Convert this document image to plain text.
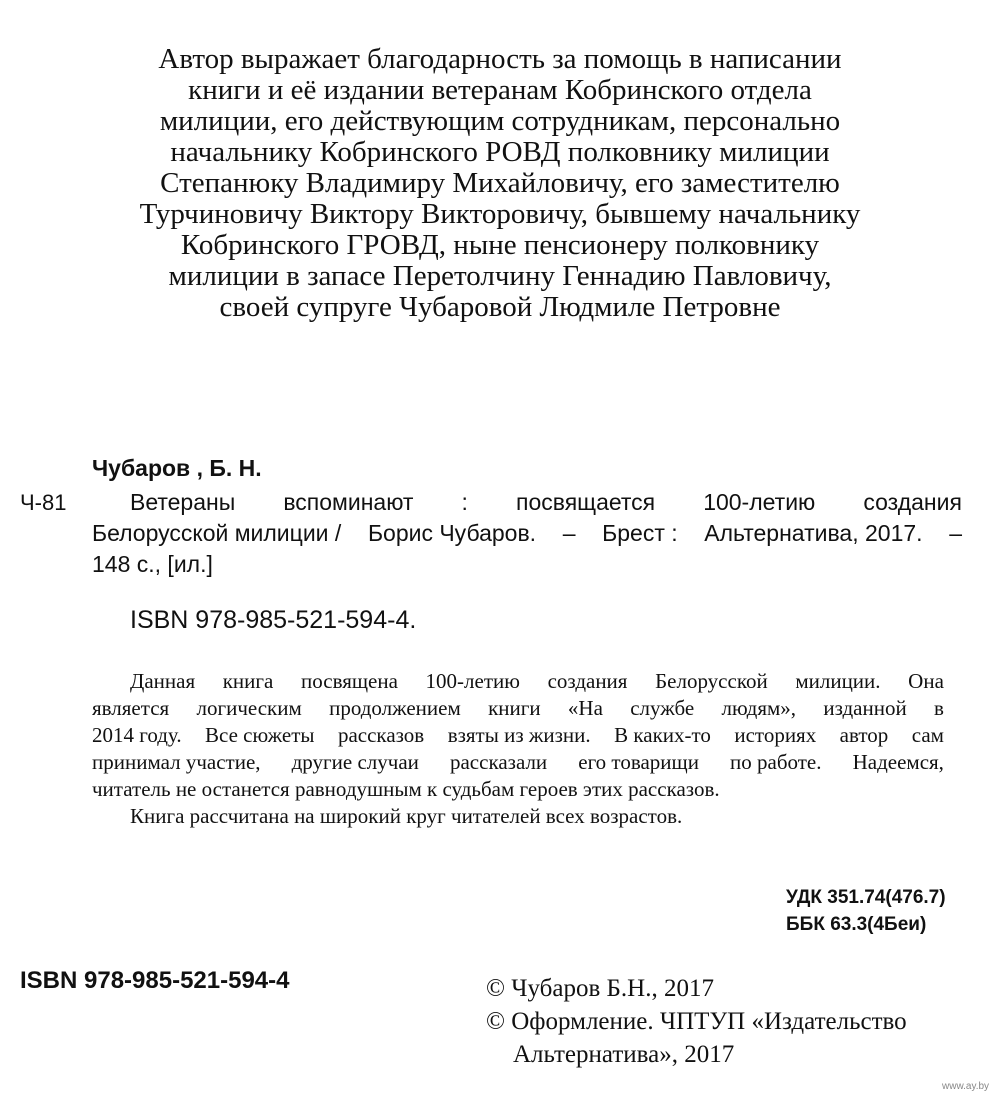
Автор выражает благодарность за помощь в написании
книги и её издании ветеранам Кобринского отдела
милиции, его действующим сотрудникам, персонально
начальнику Кобринского РОВД полковнику милиции
Степанюку Владимиру Михайловичу, его заместителю
Турчиновичу Виктору Викторовичу, бывшему начальнику
Кобринского ГРОВД, ныне пенсионеру полковнику
милиции в запасе Перетолчину Геннадию Павловичу,
своей супруге Чубаровой Людмиле Петровне
Чубаров , Б. Н.
Ч-81	Ветераны вспоминают : посвящается 100-летию создания
Белорусской милиции / Борис Чубаров. – Брест : Альтернатива, 2017. –
148 с., [ил.]
ISBN 978-985-521-594-4.
Данная книга посвящена 100-летию создания Белорусской милиции. Она
является логическим продолжением книги «На службе людям», изданной в
2014 году. Все сюжеты рассказов взяты из жизни. В каких-то историях автор сам
принимал участие, другие случаи рассказали его товарищи по работе. Надеемся,
читатель не останется равнодушным к судьбам героев этих рассказов.
Книга рассчитана на широкий круг читателей всех возрастов.
УДК 351.74(476.7)
ББК 63.3(4Беи)
ISBN 978-985-521-594-4	© Чубаров Б.Н., 2017
© Оформление. ЧПТУП «Издательство
Альтернатива», 2017
www.ay.by
